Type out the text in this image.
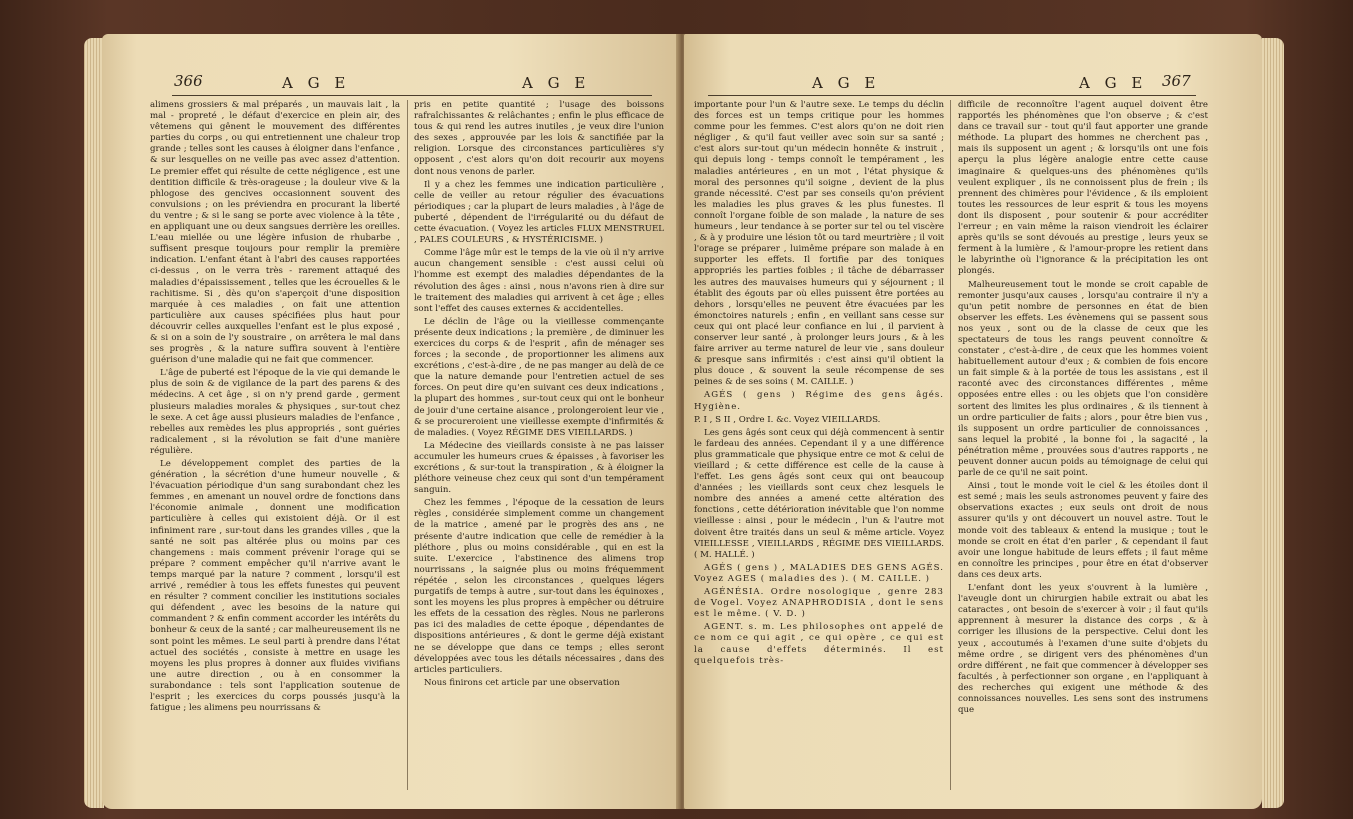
366	A G E	A G E

alimens grossiers & mal préparés , un mauvais lait , la mal - propreté , le défaut d'exercice en plein air, des vêtemens qui gênent le mouvement des différentes parties du corps , ou qui entretiennent une chaleur trop grande ; telles sont les causes à éloigner dans l'enfance , & sur lesquelles on ne veille pas avec assez d'attention. Le premier effet qui résulte de cette négligence , est une dentition difficile & très-orageuse ; la douleur vive & la phlogose des gencives occasionnent souvent des convulsions ; on les préviendra en procurant la liberté du ventre ; & si le sang se porte avec violence à la tête , en appliquant une ou deux sangsues derrière les oreilles. L'eau miellée ou une légère infusion de rhubarbe , suffisent presque toujours pour remplir la première indication. L'enfant étant à l'abri des causes rapportées ci-dessus , on le verra très - rarement attaqué des maladies d'épaississement , telles que les écrouelles & le rachitisme. Si , dès qu'on s'aperçoit d'une disposition marquée à ces maladies , on fait une attention particulière aux causes spécifiées plus haut pour découvrir celles auxquelles l'enfant est le plus exposé , & si on a soin de l'y soustraire , on arrêtera le mal dans ses progrès , & la nature suffira souvent à l'entière guérison d'une maladie qui ne fait que commencer.

L'âge de puberté est l'époque de la vie qui demande le plus de soin & de vigilance de la part des parens & des médecins. A cet âge , si on n'y prend garde , germent plusieurs maladies morales & physiques , sur-tout chez le sexe. A cet âge aussi plusieurs maladies de l'enfance , rebelles aux remèdes les plus appropriés , sont guéries radicalement , si la révolution se fait d'une manière régulière.

Le développement complet des parties de la génération , la sécrétion d'une humeur nouvelle , & l'évacuation périodique d'un sang surabondant chez les femmes , en amenant un nouvel ordre de fonctions dans l'économie animale , donnent une modification particulière à celles qui existoient déjà. Or il est infiniment rare , sur-tout dans les grandes villes , que la santé ne soit pas altérée plus ou moins par ces changemens : mais comment prévenir l'orage qui se prépare ? comment empêcher qu'il n'arrive avant le temps marqué par la nature ? comment , lorsqu'il est arrivé , remédier à tous les effets funestes qui peuvent en résulter ? comment concilier les institutions sociales qui défendent , avec les besoins de la nature qui commandent ? & enfin comment accorder les intérêts du bonheur & ceux de la santé ; car malheureusement ils ne sont point les mêmes. Le seul parti à prendre dans l'état actuel des sociétés , consiste à mettre en usage les moyens les plus propres à donner aux fluides vivifians une autre direction , ou à en consommer la surabondance : tels sont l'application soutenue de l'esprit ; les exercices du corps poussés jusqu'à la fatigue ; les alimens peu nourrissans &

pris en petite quantité ; l'usage des boissons rafraîchissantes & relâchantes ; enfin le plus efficace de tous & qui rend les autres inutiles , je veux dire l'union des sexes , approuvée par les lois & sanctifiée par la religion. Lorsque des circonstances particulières s'y opposent , c'est alors qu'on doit recourir aux moyens dont nous venons de parler.

Il y a chez les femmes une indication particulière , celle de veiller au retour régulier des évacuations périodiques ; car la plupart de leurs maladies , à l'âge de puberté , dépendent de l'irrégularité ou du défaut de cette évacuation. ( Voyez les articles FLUX MENSTRUEL , PALES COULEURS , & HYSTÉRICISME. )

Comme l'âge mûr est le temps de la vie où il n'y arrive aucun changement sensible : c'est aussi celui où l'homme est exempt des maladies dépendantes de la révolution des âges : ainsi , nous n'avons rien à dire sur le traitement des maladies qui arrivent à cet âge ; elles sont l'effet des causes externes & accidentelles.

Le déclin de l'âge ou la vieillesse commençante présente deux indications ; la première , de diminuer les exercices du corps & de l'esprit , afin de ménager ses forces ; la seconde , de proportionner les alimens aux excrétions , c'est-à-dire , de ne pas manger au delà de ce que la nature demande pour l'entretien actuel de ses forces. On peut dire qu'en suivant ces deux indications , la plupart des hommes , sur-tout ceux qui ont le bonheur de jouir d'une certaine aisance , prolongeroient leur vie , & se procureroient une vieillesse exempte d'infirmités & de maladies. ( Voyez RÉGIME DES VIEILLARDS. )

La Médecine des vieillards consiste à ne pas laisser accumuler les humeurs crues & épaisses , à favoriser les excrétions , & sur-tout la transpiration , & à éloigner la pléthore veineuse chez ceux qui sont d'un tempérament sanguin.

Chez les femmes , l'époque de la cessation de leurs règles , considérée simplement comme un changement de la matrice , amené par le progrès des ans , ne présente d'autre indication que celle de remédier à la pléthore , plus ou moins considérable , qui en est la suite. L'exercice , l'abstinence des alimens trop nourrissans , la saignée plus ou moins fréquemment répétée , selon les circonstances , quelques légers purgatifs de temps à autre , sur-tout dans les équinoxes , sont les moyens les plus propres à empêcher ou détruire les effets de la cessation des règles. Nous ne parlerons pas ici des maladies de cette époque , dépendantes de dispositions antérieures , & dont le germe déjà existant ne se développe que dans ce temps ; elles seront développées avec tous les détails nécessaires , dans des articles particuliers.

Nous finirons cet article par une observation

A G E	A G E 367

importante pour l'un & l'autre sexe. Le temps du déclin des forces est un temps critique pour les hommes comme pour les femmes. C'est alors qu'on ne doit rien négliger , & qu'il faut veiller avec soin sur sa santé ; c'est alors sur-tout qu'un médecin honnête & instruit , qui depuis long - temps connoît le tempérament , les maladies antérieures , en un mot , l'état physique & moral des personnes qu'il soigne , devient de la plus grande nécessité. C'est par ses conseils qu'on prévient les maladies les plus graves & les plus funestes. Il connoît l'organe foible de son malade , la nature de ses humeurs , leur tendance à se porter sur tel ou tel viscère , & à y produire une lésion tôt ou tard meurtrière ; il voit l'orage se préparer , luimême prépare son malade à en supporter les effets. Il fortifie par des toniques appropriés les parties foibles ; il tâche de débarrasser les autres des mauvaises humeurs qui y séjournent ; il établit des égouts par où elles puissent être portées au dehors , lorsqu'elles ne peuvent être évacuées par les émonctoires naturels ; enfin , en veillant sans cesse sur ceux qui ont placé leur confiance en lui , il parvient à conserver leur santé , à prolonger leurs jours , & à les faire arriver au terme naturel de leur vie , sans douleur & presque sans infirmités : c'est ainsi qu'il obtient la plus douce , & souvent la seule récompense de ses peines & de ses soins ( M. CAILLE. )

AGÉS ( gens ) Régime des gens âgés. Hygiène.

P. I , S II , Ordre I. &c. Voyez VIEILLARDS.

Les gens âgés sont ceux qui déjà commencent à sentir le fardeau des années. Cependant il y a une différence plus grammaticale que physique entre ce mot & celui de vieillard ; & cette différence est celle de la cause à l'effet. Les gens âgés sont ceux qui ont beaucoup d'années ; les vieillards sont ceux chez lesquels le nombre des années a amené cette altération des fonctions , cette détérioration inévitable que l'on nomme vieillesse : ainsi , pour le médecin , l'un & l'autre mot doivent être traités dans un seul & même article. Voyez VIEILLESSE , VIEILLARDS , RÉGIME DES VIEILLARDS. ( M. HALLÉ. )

AGÉS ( gens ) , MALADIES DES GENS AGÉS. Voyez AGES ( maladies des ). ( M. CAILLE. )

AGÉNÉSIA. Ordre nosologique , genre 283 de Vogel. Voyez ANAPHRODISIA , dont le sens est le même. ( V. D. )

AGENT. s. m. Les philosophes ont appelé de ce nom ce qui agit , ce qui opère , ce qui est la cause d'effets déterminés. Il est quelquefois très-

difficile de reconnoître l'agent auquel doivent être rapportés les phénomènes que l'on observe ; & c'est dans ce travail sur - tout qu'il faut apporter une grande méthode. La plupart des hommes ne cherchent pas , mais ils supposent un agent ; & lorsqu'ils ont une fois aperçu la plus légère analogie entre cette cause imaginaire & quelques-uns des phénomènes qu'ils veulent expliquer , ils ne connoissent plus de frein ; ils prennent des chimères pour l'évidence , & ils emploient toutes les ressources de leur esprit & tous les moyens dont ils disposent , pour soutenir & pour accréditer l'erreur ; en vain même la raison viendroit les éclairer après qu'ils se sont dévoués au prestige , leurs yeux se ferment à la lumière , & l'amour-propre les retient dans le labyrinthe où l'ignorance & la précipitation les ont plongés.

Malheureusement tout le monde se croit capable de remonter jusqu'aux causes , lorsqu'au contraire il n'y a qu'un petit nombre de personnes en état de bien observer les effets. Les évènemens qui se passent sous nos yeux , sont ou de la classe de ceux que les spectateurs de tous les rangs peuvent connoître & constater , c'est-à-dire , de ceux que les hommes voient habituellement autour d'eux ; & combien de fois encore un fait simple & à la portée de tous les assistans , est il raconté avec des circonstances différentes , même opposées entre elles : ou les objets que l'on considère sortent des limites les plus ordinaires , & ils tiennent à un ordre particulier de faits ; alors , pour être bien vus , ils supposent un ordre particulier de connoissances , sans lequel la probité , la bonne foi , la sagacité , la pénétration même , prouvées sous d'autres rapports , ne peuvent donner aucun poids au témoignage de celui qui parle de ce qu'il ne sait point.

Ainsi , tout le monde voit le ciel & les étoiles dont il est semé ; mais les seuls astronomes peuvent y faire des observations exactes ; eux seuls ont droit de nous assurer qu'ils y ont découvert un nouvel astre. Tout le monde voit des tableaux & entend la musique ; tout le monde se croit en état d'en parler , & cependant il faut avoir une longue habitude de leurs effets ; il faut même en connoître les principes , pour être en état d'observer dans ces deux arts.

L'enfant dont les yeux s'ouvrent à la lumière , l'aveugle dont un chirurgien habile extrait ou abat les cataractes , ont besoin de s'exercer à voir ; il faut qu'ils apprennent à mesurer la distance des corps , & à corriger les illusions de la perspective. Celui dont les yeux , accoutumés à l'examen d'une suite d'objets du même ordre , se dirigent vers des phénomènes d'un ordre différent , ne fait que commencer à développer ses facultés , à perfectionner son organe , en l'appliquant à des recherches qui exigent une méthode & des connoissances nouvelles. Les sens sont des instrumens que
